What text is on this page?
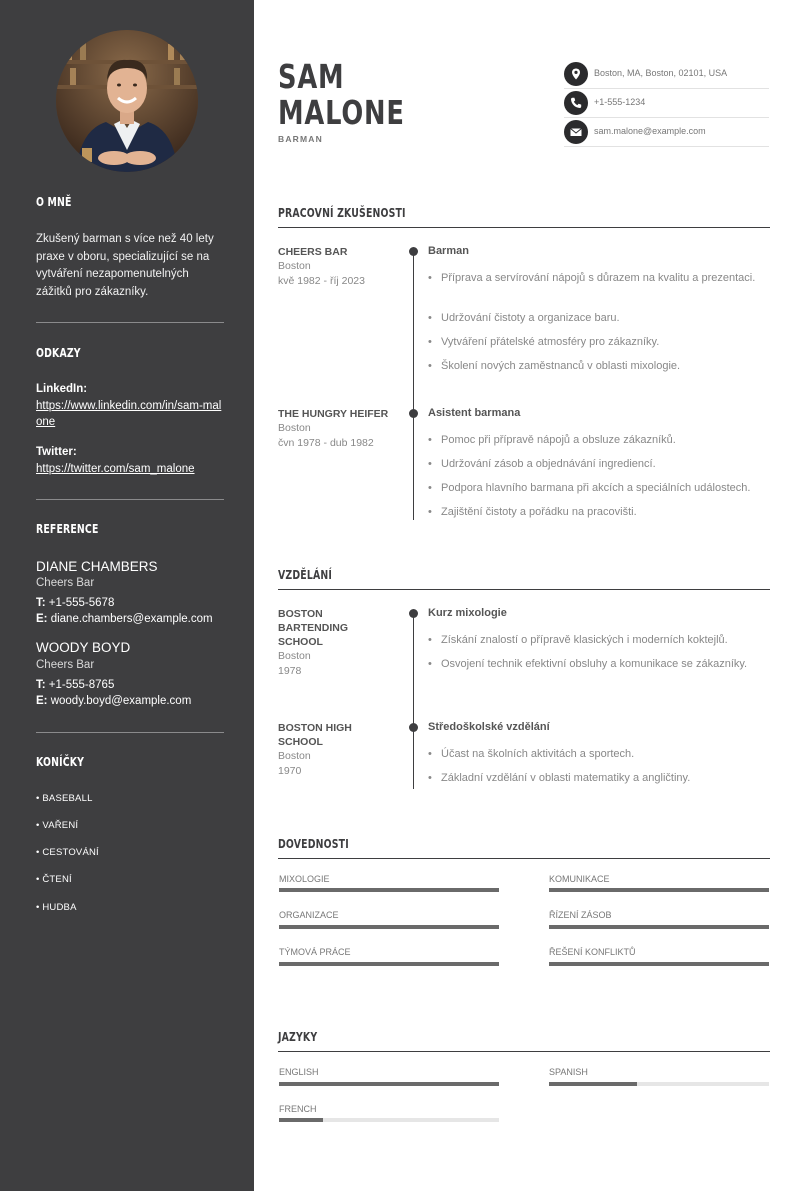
O MNĚ
Zkušený barman s více než 40 lety praxe v oboru, specializující se na vytváření nezapomenutelných zážitků pro zákazníky.
ODKAZY
LinkedIn:
https://www.linkedin.com/in/sam-malone
Twitter:
https://twitter.com/sam_malone
REFERENCE
DIANE CHAMBERS
Cheers Bar
T: +1-555-5678
E: diane.chambers@example.com
WOODY BOYD
Cheers Bar
T: +1-555-8765
E: woody.boyd@example.com
KONÍČKY
• BASEBALL
• VAŘENÍ
• CESTOVÁNÍ
• ČTENÍ
• HUDBA
SAM
MALONE
BARMAN
Boston, MA, Boston, 02101, USA
+1-555-1234
sam.malone@example.com
PRACOVNÍ ZKUŠENOSTI
CHEERS BAR
Boston
kvě 1982 - říj 2023
Barman
• Příprava a servírování nápojů s důrazem na kvalitu a prezentaci.
• Udržování čistoty a organizace baru.
• Vytváření přátelské atmosféry pro zákazníky.
• Školení nových zaměstnanců v oblasti mixologie.
THE HUNGRY HEIFER
Boston
čvn 1978 - dub 1982
Asistent barmana
• Pomoc při přípravě nápojů a obsluze zákazníků.
• Udržování zásob a objednávání ingrediencí.
• Podpora hlavního barmana při akcích a speciálních událostech.
• Zajištění čistoty a pořádku na pracovišti.
VZDĚLÁNÍ
BOSTON
BARTENDING
SCHOOL
Boston
1978
Kurz mixologie
• Získání znalostí o přípravě klasických i moderních koktejlů.
• Osvojení technik efektivní obsluhy a komunikace se zákazníky.
BOSTON HIGH
SCHOOL
Boston
1970
Středoškolské vzdělání
• Účast na školních aktivitách a sportech.
• Základní vzdělání v oblasti matematiky a angličtiny.
DOVEDNOSTI
MIXOLOGIE	KOMUNIKACE
ORGANIZACE	ŘÍZENÍ ZÁSOB
TÝMOVÁ PRÁCE	ŘEŠENÍ KONFLIKTŮ
JAZYKY
ENGLISH	SPANISH
FRENCH
